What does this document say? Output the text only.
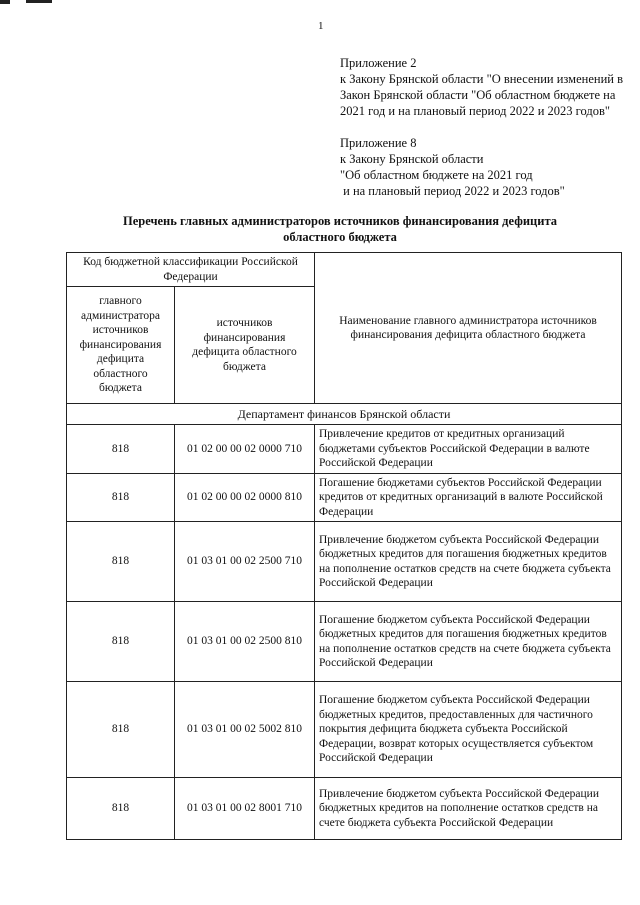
1
Приложение 2
к Закону Брянской области "О внесении изменений в
Закон Брянской области "Об областном бюджете на
2021 год и на плановый период 2022 и 2023 годов"
Приложение 8
к Закону Брянской области
"Об областном бюджете на 2021 год
и на плановый период 2022 и 2023 годов"
Перечень главных администраторов источников финансирования дефицита
областного бюджета
Код бюджетной классификации Российской Федерации		Наименование главного администратора источников финансирования дефицита областного бюджета
главного администратора источников финансирования дефицита областного бюджета	источников финансирования дефицита областного бюджета	
Департамент финансов Брянской области		
818	01 02 00 00 02 0000 710	Привлечение кредитов от кредитных организаций бюджетами субъектов Российской Федерации в валюте Российской Федерации
818	01 02 00 00 02 0000 810	Погашение бюджетами субъектов Российской Федерации кредитов от кредитных организаций в валюте Российской Федерации
818	01 03 01 00 02 2500 710	Привлечение бюджетом субъекта Российской Федерации бюджетных кредитов для погашения бюджетных кредитов на пополнение остатков средств на счете бюджета субъекта Российской Федерации
818	01 03 01 00 02 2500 810	Погашение бюджетом субъекта Российской Федерации бюджетных кредитов для погашения бюджетных кредитов на пополнение остатков средств на счете бюджета субъекта Российской Федерации
818	01 03 01 00 02 5002 810	Погашение бюджетом субъекта Российской Федерации бюджетных кредитов, предоставленных для частичного покрытия дефицита бюджета субъекта Российской Федерации, возврат которых осуществляется субъектом Российской Федерации
818	01 03 01 00 02 8001 710	Привлечение бюджетом субъекта Российской Федерации бюджетных кредитов на пополнение остатков средств на счете бюджета субъекта Российской Федерации
